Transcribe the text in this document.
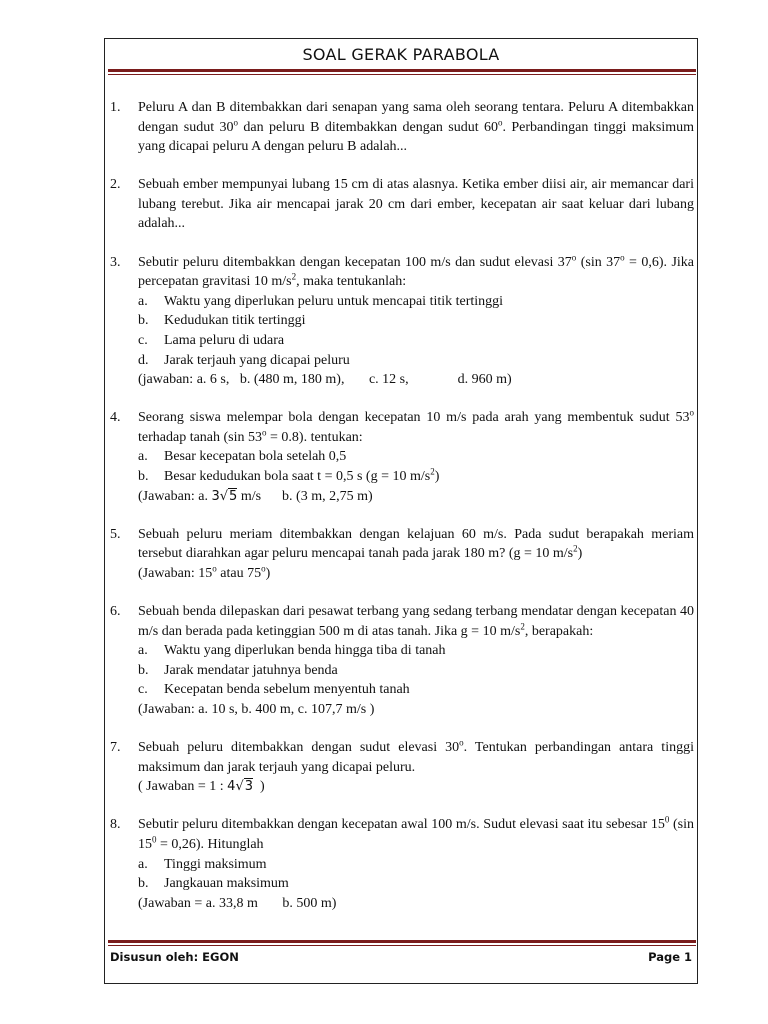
SOAL GERAK PARABOLA
1. Peluru A dan B ditembakkan dari senapan yang sama oleh seorang tentara. Peluru A ditembakkan dengan sudut 30$^o$ dan peluru B ditembakkan dengan sudut 60$^o$. Perbandingan tinggi maksimum yang dicapai peluru A dengan peluru B adalah...
2. Sebuah ember mempunyai lubang 15 cm di atas alasnya. Ketika ember diisi air, air memancar dari lubang terebut. Jika air mencapai jarak 20 cm dari ember, kecepatan air saat keluar dari lubang adalah...
3. Sebutir peluru ditembakkan dengan kecepatan 100 m/s dan sudut elevasi 37$^o$ (sin $37^o = 0,6$). Jika percepatan gravitasi 10 $m/s^2$, maka tentukanlah:
a. Waktu yang diperlukan peluru untuk mencapai titik tertinggi
b. Kedudukan titik tertinggi
c. Lama peluru di udara
d. Jarak terjauh yang dicapai peluru
(jawaban: a. 6 s,   b. (480 m, 180 m),       c. 12 s,              d. 960 m)
4. Seorang siswa melempar bola dengan kecepatan 10 m/s pada arah yang membentuk sudut 53$^o$ terhadap tanah (sin $53^o = 0.8$). tentukan:
a. Besar kecepatan bola setelah 0,5
b. Besar kedudukan bola saat t = 0,5 s (g = 10 $m/s^2$)
(Jawaban: a. 3√5 m/s      b. (3 m, 2,75 m)
5. Sebuah peluru meriam ditembakkan dengan kelajuan 60 m/s. Pada sudut berapakah meriam tersebut diarahkan agar peluru mencapai tanah pada jarak 180 m? (g = 10 $m/s^2$)
(Jawaban: 15$^o$ atau 75$^o$)
6. Sebuah benda dilepaskan dari pesawat terbang yang sedang terbang mendatar dengan kecepatan 40 m/s dan berada pada ketinggian 500 m di atas tanah. Jika g = 10 $m/s^2$, berapakah:
a. Waktu yang diperlukan benda hingga tiba di tanah
b. Jarak mendatar jatuhnya benda
c. Kecepatan benda sebelum menyentuh tanah
(Jawaban: a. 10 s, b. 400 m, c. 107,7 m/s )
7. Sebuah peluru ditembakkan dengan sudut elevasi 30$^o$. Tentukan perbandingan antara tinggi maksimum dan jarak terjauh yang dicapai peluru.
( Jawaban = 1 : 4√3  )
8. Sebutir peluru ditembakkan dengan kecepatan awal 100 m/s. Sudut elevasi saat itu sebesar $15^0$ (sin $15^0 = 0,26$). Hitunglah
a. Tinggi maksimum
b. Jangkauan maksimum
(Jawaban = a. 33,8 m       b. 500 m)
Disusun oleh: EGON	Page 1
